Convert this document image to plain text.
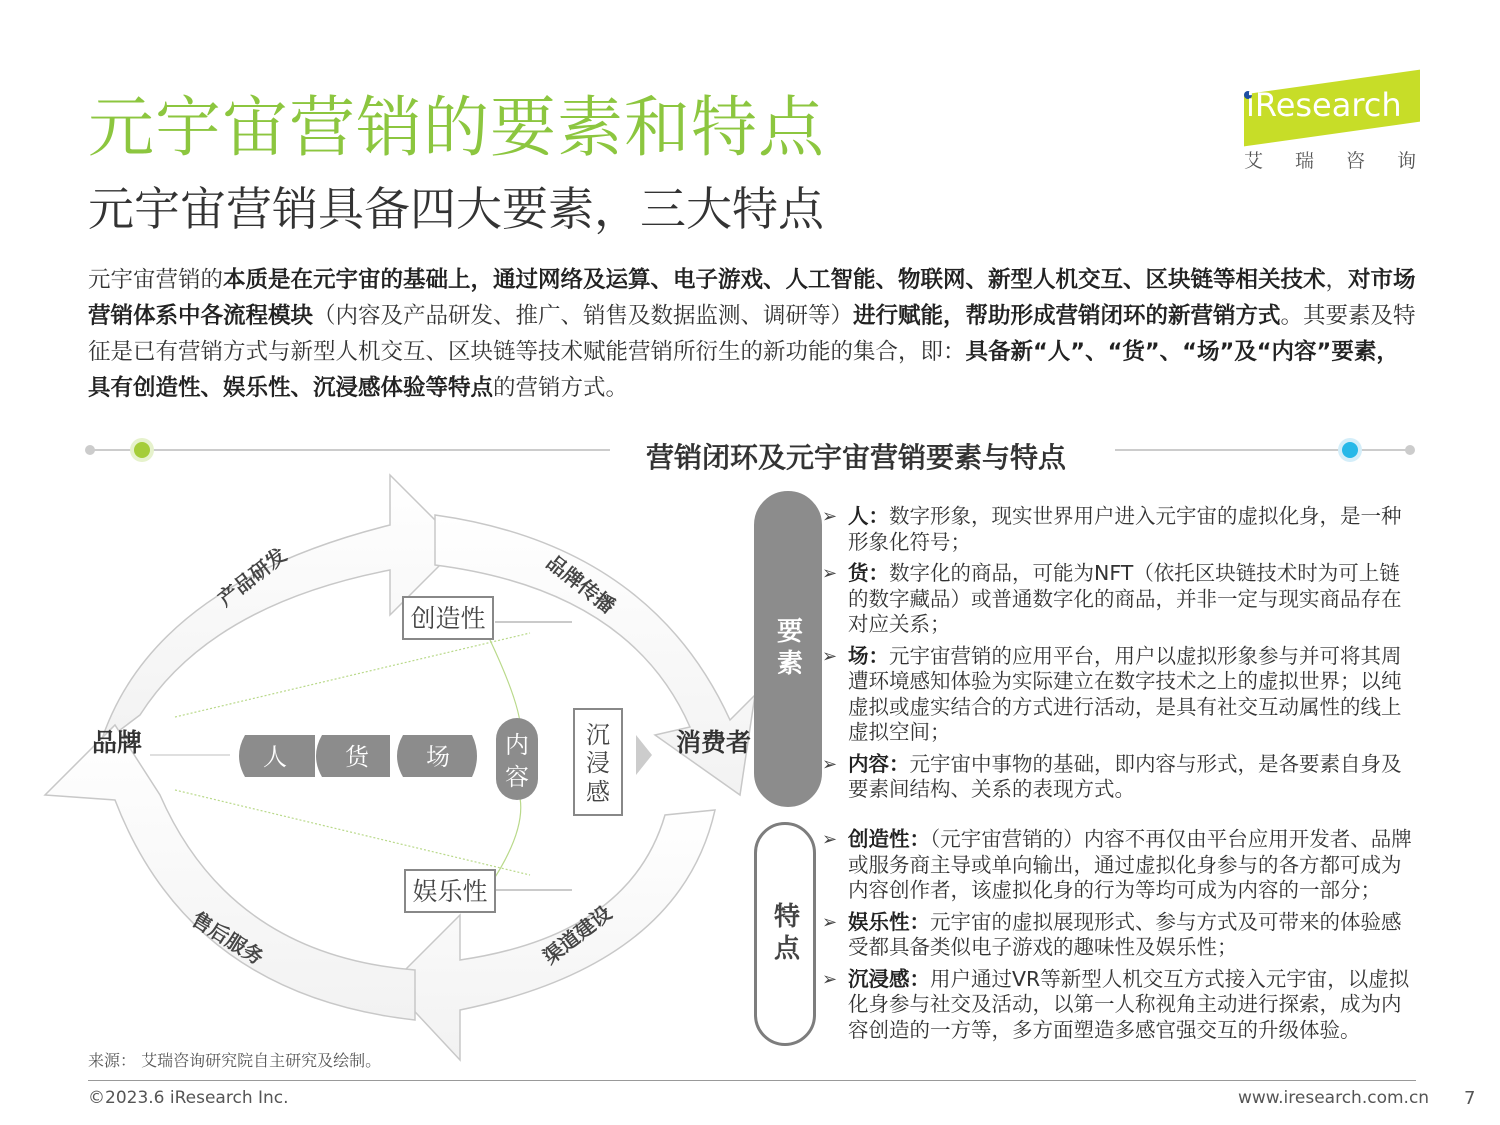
元宇宙营销的要素和特点
元宇宙营销具备四大要素，三大特点
iResearch
艾瑞咨询
元宇宙营销的本质是在元宇宙的基础上，通过网络及运算、电子游戏、人工智能、物联网、新型人机交互、区块链等相关技术，对市场营销体系中各流程模块（内容及产品研发、推广、销售及数据监测、调研等）进行赋能，帮助形成营销闭环的新营销方式。其要素及特征是已有营销方式与新型人机交互、区块链等技术赋能营销所衍生的新功能的集合，即：具备新“人”、“货”、“场”及“内容”要素，具有创造性、娱乐性、沉浸感体验等特点的营销方式。
营销闭环及元宇宙营销要素与特点
产品研发	品牌传播
售后服务	渠道建设
品牌	消费者
创造性
娱乐性
人 货 场 内
容
沉
浸
感
要素
特点
➢ 人：数字形象，现实世界用户进入元宇宙的虚拟化身，是一种形象化符号；
➢ 货：数字化的商品，可能为NFT（依托区块链技术时为可上链的数字藏品）或普通数字化的商品，并非一定与现实商品存在对应关系；
➢ 场：元宇宙营销的应用平台，用户以虚拟形象参与并可将其周遭环境感知体验为实际建立在数字技术之上的虚拟世界；以纯虚拟或虚实结合的方式进行活动，是具有社交互动属性的线上虚拟空间；
➢ 内容：元宇宙中事物的基础，即内容与形式，是各要素自身及要素间结构、关系的表现方式。
➢ 创造性：（元宇宙营销的）内容不再仅由平台应用开发者、品牌或服务商主导或单向输出，通过虚拟化身参与的各方都可成为内容创作者，该虚拟化身的行为等均可成为内容的一部分；
➢ 娱乐性：元宇宙的虚拟展现形式、参与方式及可带来的体验感受都具备类似电子游戏的趣味性及娱乐性；
➢ 沉浸感：用户通过VR等新型人机交互方式接入元宇宙，以虚拟化身参与社交及活动，以第一人称视角主动进行探索，成为内容创造的一方等，多方面塑造多感官强交互的升级体验。
来源： 艾瑞咨询研究院自主研究及绘制。
©2023.6 iResearch Inc.	www.iresearch.com.cn 7
